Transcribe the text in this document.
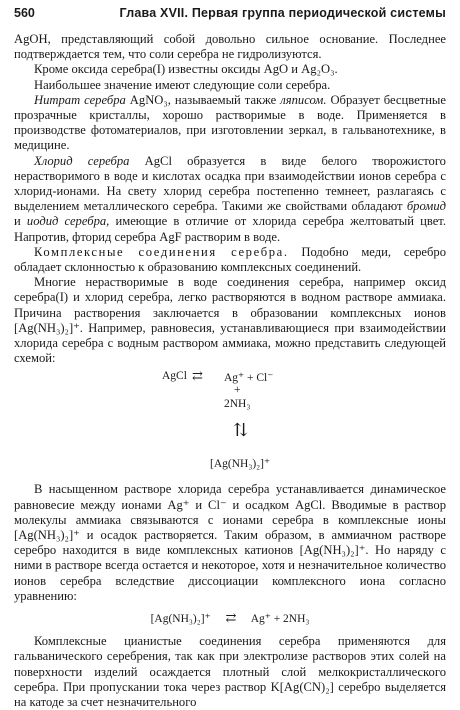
560	Глава XVII. Первая группа периодической системы

AgOH, представляющий собой довольно сильное основание. Последнее подтверждается тем, что соли серебра не гидролизуются.

Кроме оксида серебра(I) известны оксиды AgO и Ag₂O₃.

Наибольшее значение имеют следующие соли серебра.

Нитрат серебра AgNO₃, называемый также ляписом. Образует бесцветные прозрачные кристаллы, хорошо растворимые в воде. Применяется в производстве фотоматериалов, при изготовлении зеркал, в гальванотехнике, в медицине.

Хлорид серебра AgCl образуется в виде белого творожистого нерастворимого в воде и кислотах осадка при взаимодействии ионов серебра с хлорид-ионами. На свету хлорид серебра постепенно темнеет, разлагаясь с выделением металлического серебра. Такими же свойствами обладают бромид и иодид серебра, имеющие в отличие от хлорида серебра желтоватый цвет. Напротив, фторид серебра AgF растворим в воде.

Комплексные соединения серебра. Подобно меди, серебро обладает склонностью к образованию комплексных соединений.

Многие нерастворимые в воде соединения серебра, например оксид серебра(I) и хлорид серебра, легко растворяются в водном растворе аммиака. Причина растворения заключается в образовании комплексных ионов [Ag(NH₃)₂]⁺. Например, равновесия, устанавливающиеся при взаимодействии хлорида серебра с водным раствором аммиака, можно представить следующей схемой:

AgCl ⇄ Ag⁺ + Cl⁻
+
2NH₃
⇅
[Ag(NH₃)₂]⁺

В насыщенном растворе хлорида серебра устанавливается динамическое равновесие между ионами Ag⁺ и Cl⁻ и осадком AgCl. Вводимые в раствор молекулы аммиака связываются с ионами серебра в комплексные ионы [Ag(NH₃)₂]⁺ и осадок растворяется. Таким образом, в аммиачном растворе серебро находится в виде комплексных катионов [Ag(NH₃)₂]⁺. Но наряду с ними в растворе всегда остается и некоторое, хотя и незначительное количество ионов серебра вследствие диссоциации комплексного иона согласно уравнению:

[Ag(NH₃)₂]⁺ ⇄ Ag⁺ + 2NH₃

Комплексные цианистые соединения серебра применяются для гальванического серебрения, так как при электролизе растворов этих солей на поверхности изделий осаждается плотный слой мелкокристаллического серебра. При пропускании тока через раствор K[Ag(CN)₂] серебро выделяется на катоде за счет незначительного
